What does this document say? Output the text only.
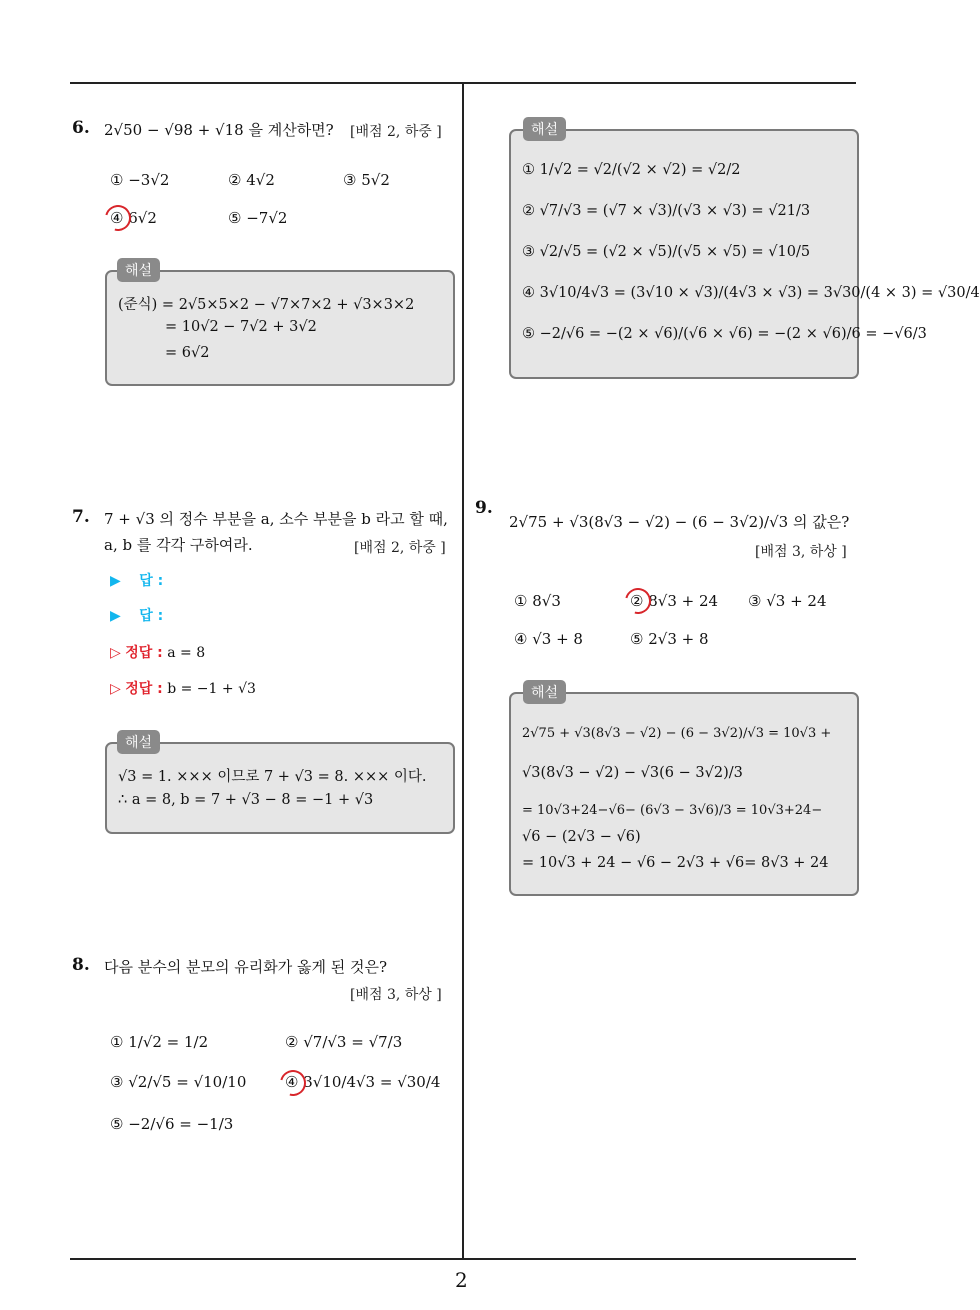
2
6. 2√50 − √98 + √18 을 계산하면? [배점 2, 하중 ]
① −3√2	② 4√2	③ 5√2
④ 6√2	⑤ −7√2
해설
(준식) = 2√5×5×2 − √7×7×2 + √3×3×2
= 10√2 − 7√2 + 3√2
= 6√2
7. 7 + √3 의 정수 부분을 a, 소수 부분을 b 라고 할 때,
a, b 를 각각 구하여라.	[배점 2, 하중 ]
▶ 답 :
▶ 답 :
▷ 정답 : a = 8
▷ 정답 : b = −1 + √3
해설
√3 = 1. ××× 이므로 7 + √3 = 8. ××× 이다.
∴ a = 8, b = 7 + √3 − 8 = −1 + √3
8. 다음 분수의 분모의 유리화가 옳게 된 것은?
[배점 3, 하상 ]
① 1/√2 = 1/2	② √7/√3 = √7/3
③ √2/√5 = √10/10	④ 3√10/4√3 = √30/4
⑤ −2/√6 = −1/3
해설
① 1/√2 = √2/(√2 × √2) = √2/2
② √7/√3 = (√7 × √3)/(√3 × √3) = √21/3
③ √2/√5 = (√2 × √5)/(√5 × √5) = √10/5
④ 3√10/4√3 = (3√10 × √3)/(4√3 × √3) = 3√30/(4 × 3) = √30/4
⑤ −2/√6 = −(2 × √6)/(√6 × √6) = −(2 × √6)/6 = −√6/3
9.
2√75 + √3(8√3 − √2) − (6 − 3√2)/√3 의 값은?
[배점 3, 하상 ]
① 8√3	② 8√3 + 24 ③ √3 + 24
④ √3 + 8	⑤ 2√3 + 8
해설
2√75 + √3(8√3 − √2) − (6 − 3√2)/√3 = 10√3 +
√3(8√3 − √2) − √3(6 − 3√2)/3
= 10√3+24−√6− (6√3 − 3√6)/3 = 10√3+24−
√6 − (2√3 − √6)
= 10√3 + 24 − √6 − 2√3 + √6= 8√3 + 24
